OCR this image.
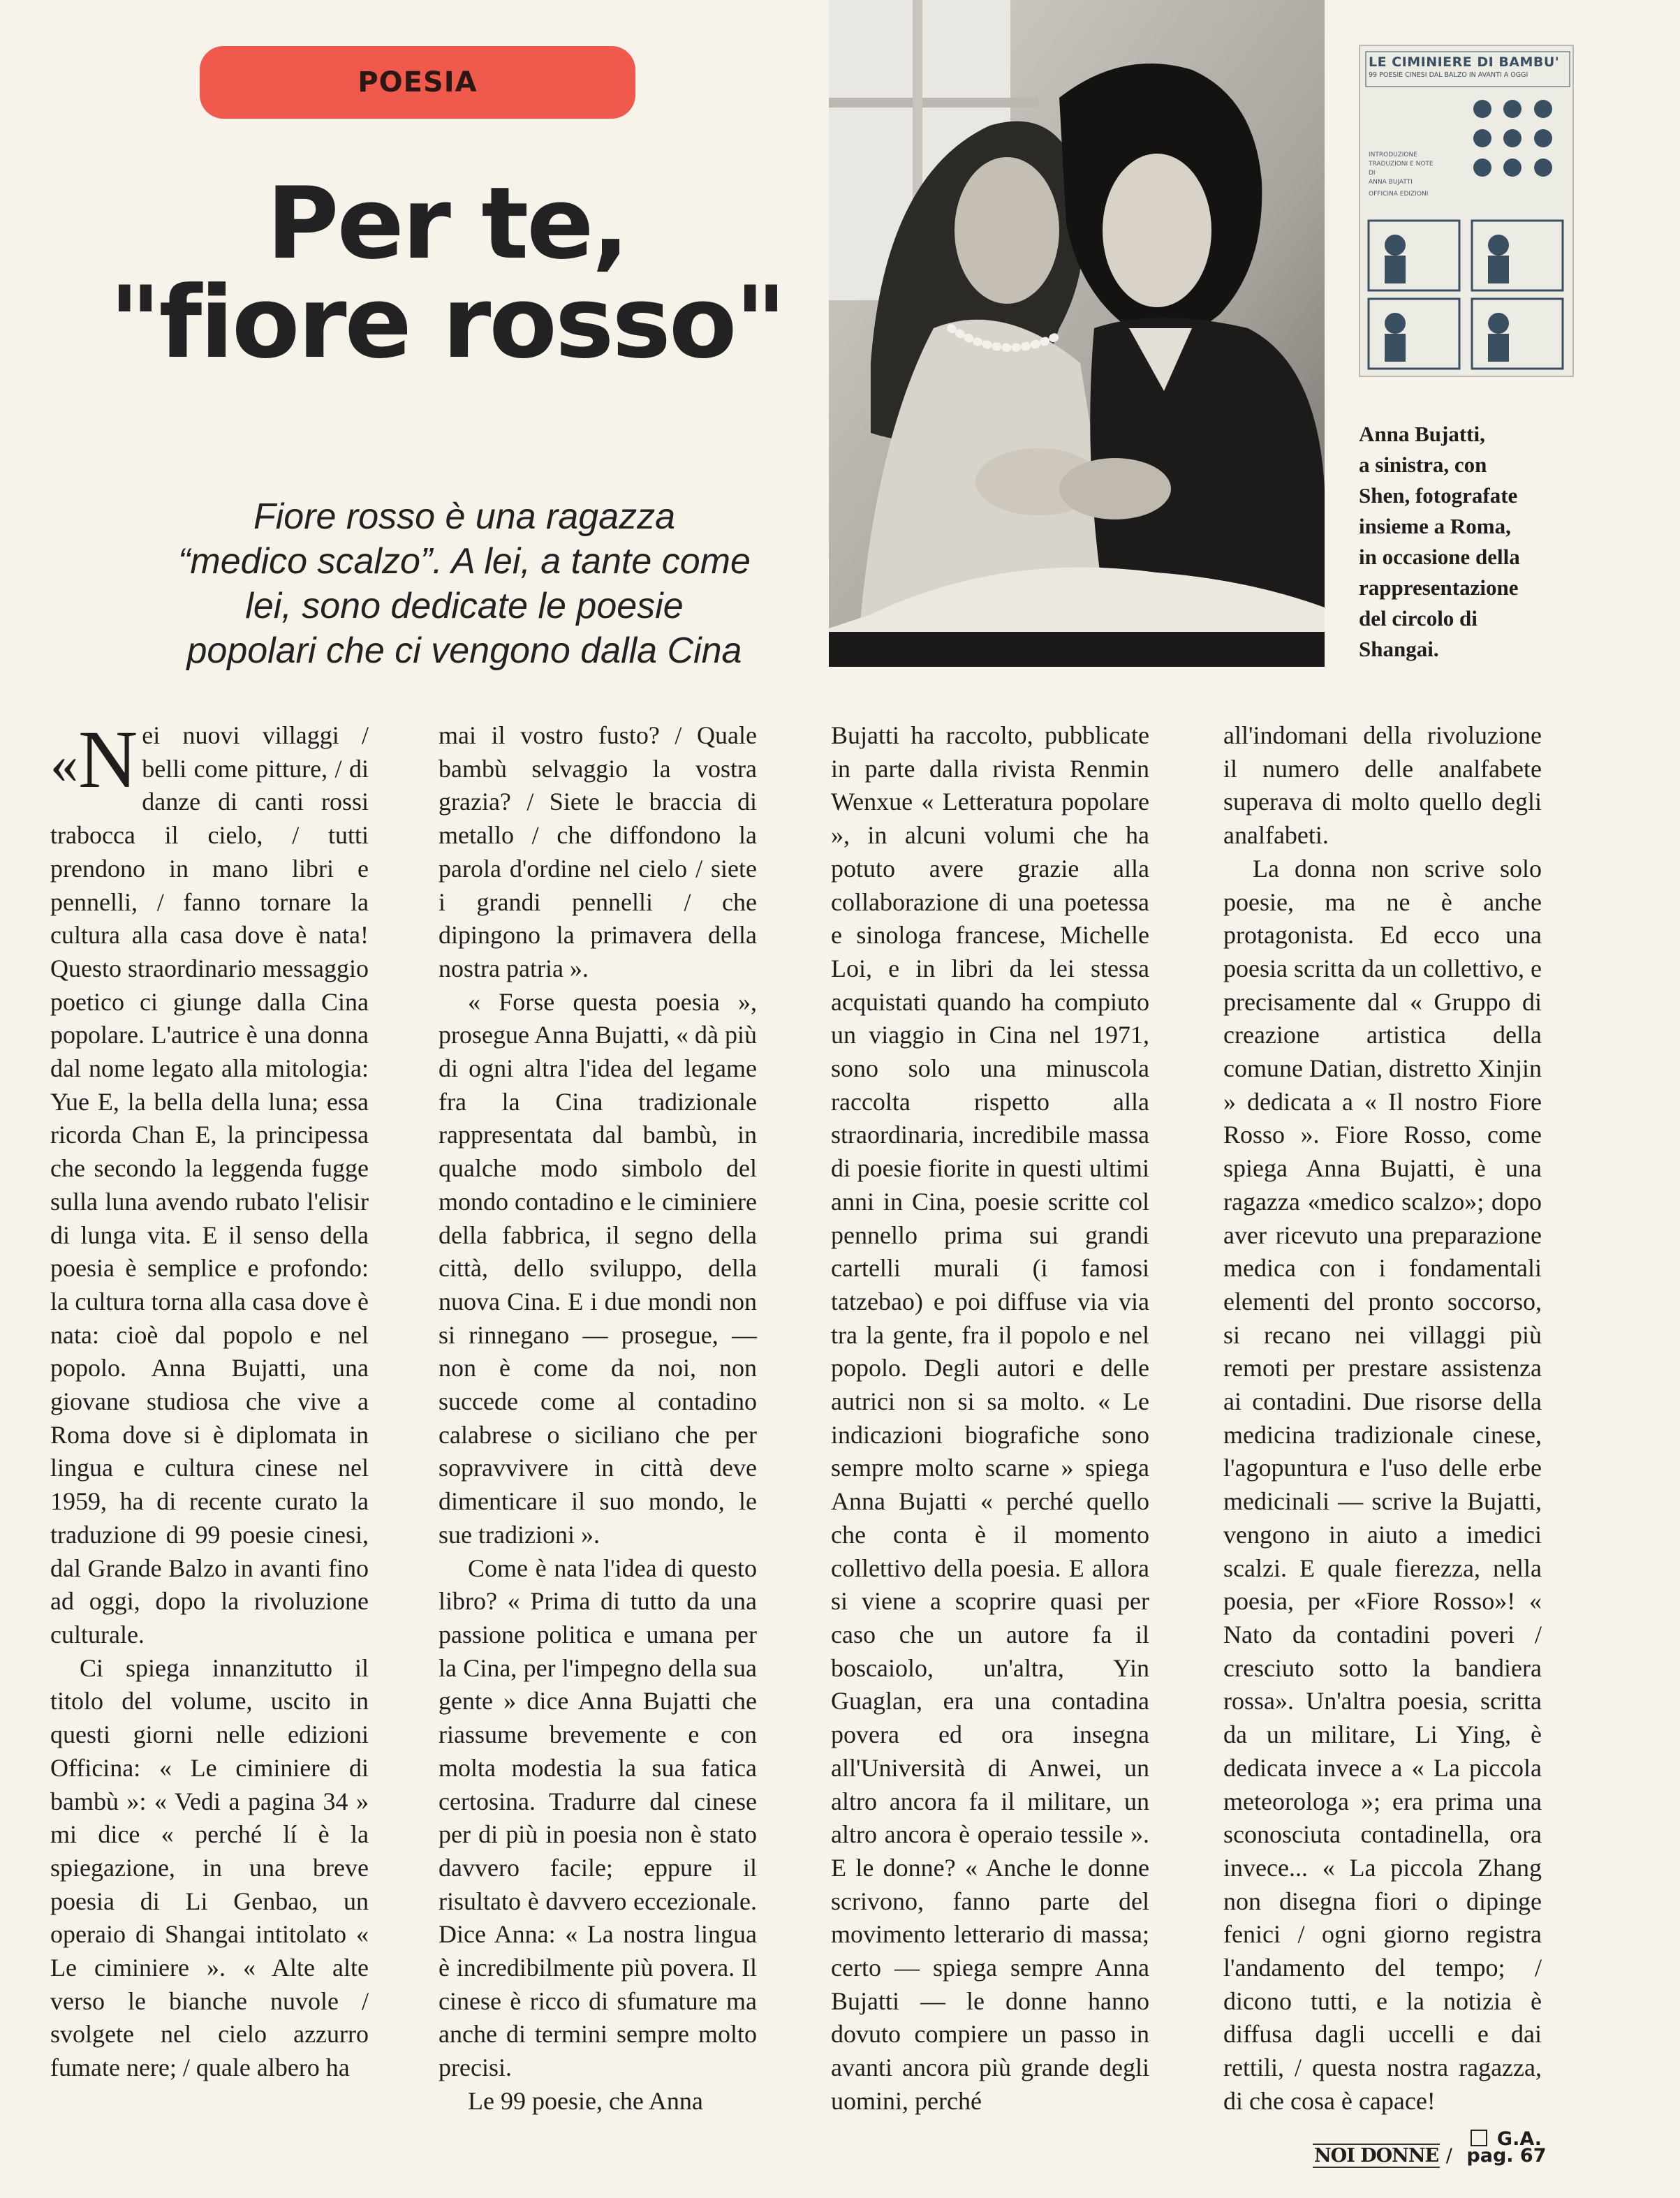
POESIA
Per te,
"fiore rosso"
Fiore rosso è una ragazza
“medico scalzo”. A lei, a tante come
lei, sono dedicate le poesie
popolari che ci vengono dalla Cina
LE CIMINIERE DI BAMBU'
99 POESIE CINESI DAL BALZO IN AVANTI A OGGI
INTRODUZIONE
TRADUZIONI E NOTE
DI
ANNA BUJATTI
OFFICINA EDIZIONI
Anna Bujatti,
a sinistra, con
Shen, fotografate
insieme a Roma,
in occasione della
rappresentazione
del circolo di
Shangai.

«N ei nuovi villaggi / belli come pitture, / di danze di canti rossi trabocca il cielo, / tutti prendono in mano libri e pennelli, / fanno tornare la cultura alla casa dove è nata! Questo straordinario messaggio poetico ci giunge dalla Cina popolare. L'autrice è una donna dal nome legato alla mitologia: Yue E, la bella della luna; essa ricorda Chan E, la principessa che secondo la leggenda fugge sulla luna avendo rubato l'elisir di lunga vita. E il senso della poesia è semplice e profondo: la cultura torna alla casa dove è nata: cioè dal popolo e nel popolo. Anna Bujatti, una giovane studiosa che vive a Roma dove si è diplomata in lingua e cultura cinese nel 1959, ha di recente curato la traduzione di 99 poesie cinesi, dal Grande Balzo in avanti fino ad oggi, dopo la rivoluzione culturale.

Ci spiega innanzitutto il titolo del volume, uscito in questi giorni nelle edizioni Officina: « Le ciminiere di bambù »: « Vedi a pagina 34 » mi dice « perché lí è la spiegazione, in una breve poesia di Li Genbao, un operaio di Shangai intitolato « Le ciminiere ». « Alte alte verso le bianche nuvole / svolgete nel cielo azzurro fumate nere; / quale albero ha

mai il vostro fusto? / Quale bambù selvaggio la vostra grazia? / Siete le braccia di metallo / che diffondono la parola d'ordine nel cielo / siete i grandi pennelli / che dipingono la primavera della nostra patria ».

« Forse questa poesia », prosegue Anna Bujatti, « dà più di ogni altra l'idea del legame fra la Cina tradizionale rappresentata dal bambù, in qualche modo simbolo del mondo contadino e le ciminiere della fabbrica, il segno della città, dello sviluppo, della nuova Cina. E i due mondi non si rinnegano — prosegue, — non è come da noi, non succede come al contadino calabrese o siciliano che per sopravvivere in città deve dimenticare il suo mondo, le sue tradizioni ».

Come è nata l'idea di questo libro? « Prima di tutto da una passione politica e umana per la Cina, per l'impegno della sua gente » dice Anna Bujatti che riassume brevemente e con molta modestia la sua fatica certosina. Tradurre dal cinese per di più in poesia non è stato davvero facile; eppure il risultato è davvero eccezionale. Dice Anna: « La nostra lingua è incredibilmente più povera. Il cinese è ricco di sfumature ma anche di termini sempre molto precisi.

Le 99 poesie, che Anna

Bujatti ha raccolto, pubblicate in parte dalla rivista Renmin Wenxue « Letteratura popolare », in alcuni volumi che ha potuto avere grazie alla collaborazione di una poetessa e sinologa francese, Michelle Loi, e in libri da lei stessa acquistati quando ha compiuto un viaggio in Cina nel 1971, sono solo una minuscola raccolta rispetto alla straordinaria, incredibile massa di poesie fiorite in questi ultimi anni in Cina, poesie scritte col pennello prima sui grandi cartelli murali (i famosi tatzebao) e poi diffuse via via tra la gente, fra il popolo e nel popolo. Degli autori e delle autrici non si sa molto. « Le indicazioni biografiche sono sempre molto scarne » spiega Anna Bujatti « perché quello che conta è il momento collettivo della poesia. E allora si viene a scoprire quasi per caso che un autore fa il boscaiolo, un'altra, Yin Guaglan, era una contadina povera ed ora insegna all'Università di Anwei, un altro ancora fa il militare, un altro ancora è operaio tessile ». E le donne? « Anche le donne scrivono, fanno parte del movimento letterario di massa; certo — spiega sempre Anna Bujatti — le donne hanno dovuto compiere un passo in avanti ancora più grande degli uomini, perché

all'indomani della rivoluzione il numero delle analfabete superava di molto quello degli analfabeti.

La donna non scrive solo poesie, ma ne è anche protagonista. Ed ecco una poesia scritta da un collettivo, e precisamente dal « Gruppo di creazione artistica della comune Datian, distretto Xinjin » dedicata a « Il nostro Fiore Rosso ». Fiore Rosso, come spiega Anna Bujatti, è una ragazza «medico scalzo»; dopo aver ricevuto una preparazione medica con i fondamentali elementi del pronto soccorso, si recano nei villaggi più remoti per prestare assistenza ai contadini. Due risorse della medicina tradizionale cinese, l'agopuntura e l'uso delle erbe medicinali — scrive la Bujatti, vengono in aiuto a imedici scalzi. E quale fierezza, nella poesia, per «Fiore Rosso»! « Nato da contadini poveri / cresciuto sotto la bandiera rossa». Un'altra poesia, scritta da un militare, Li Ying, è dedicata invece a « La piccola meteorologa »; era prima una sconosciuta contadinella, ora invece... « La piccola Zhang non disegna fiori o dipinge fenici / ogni giorno registra l'andamento del tempo; / dicono tutti, e la notizia è diffusa dagli uccelli e dai rettili, / questa nostra ragazza, di che cosa è capace!

G.A.
NOI DONNE / pag. 67
